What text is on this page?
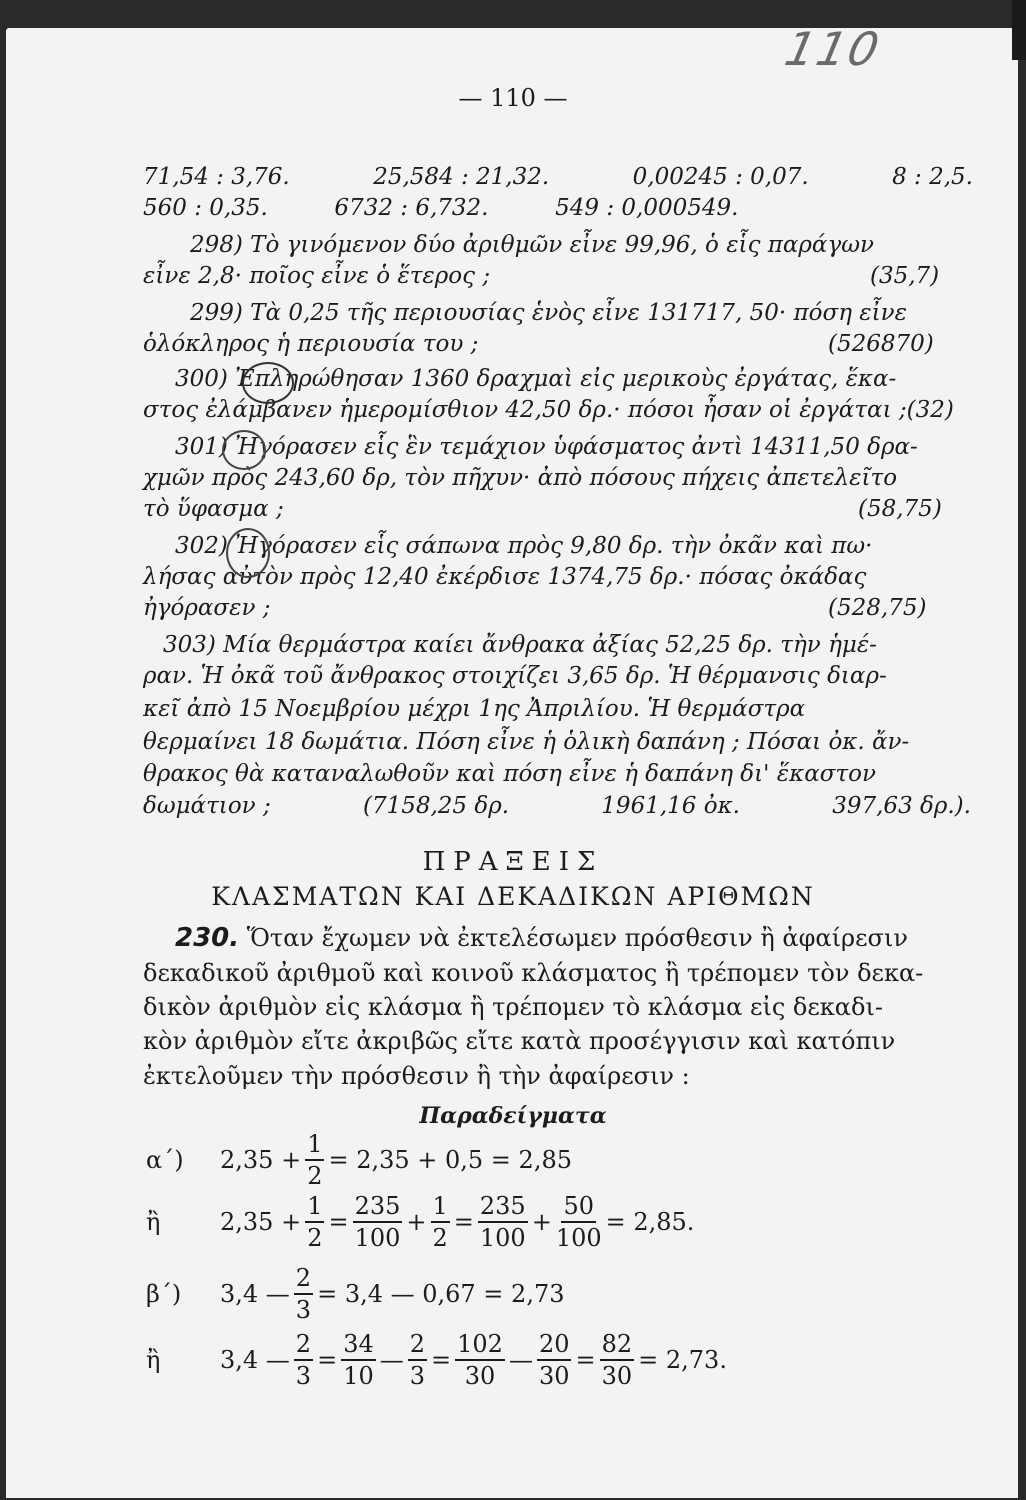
110
— 110 —
71,54 : 3,76.	25,584 : 21,32.	0,00245 : 0,07.	8 : 2,5.
560 : 0,35.	6732 : 6,732.	549 : 0,000549.
298) Τὸ γινόμενον δύο ἀριθμῶν εἶνε 99,96, ὁ εἷς παράγων
εἶνε 2,8· ποῖος εἶνε ὁ ἕτερος ;	(35,7)
299) Τὰ 0,25 τῆς περιουσίας ἑνὸς εἶνε 131717, 50· πόση εἶνε
ὁλόκληρος ἡ περιουσία του ;	(526870)
300) Ἐπληρώθησαν 1360 δραχμαὶ εἰς μερικοὺς ἐργάτας, ἕκα-
στος ἐλάμβανεν ἡμερομίσθιον 42,50 δρ.· πόσοι ἦσαν οἱ ἐργάται ;(32)
301) Ἠγόρασεν εἷς ἓν τεμάχιον ὑφάσματος ἀντὶ 14311,50 δρα-
χμῶν πρὸς 243,60 δρ, τὸν πῆχυν· ἀπὸ πόσους πήχεις ἀπετελεῖτο
τὸ ὕφασμα ;	(58,75)
302) Ἠγόρασεν εἷς σάπωνα πρὸς 9,80 δρ. τὴν ὀκᾶν καὶ πω·
λήσας αὐτὸν πρὸς 12,40 ἐκέρδισε 1374,75 δρ.· πόσας ὀκάδας
ἠγόρασεν ;	(528,75)
303) Μία θερμάστρα καίει ἄνθρακα ἀξίας 52,25 δρ. τὴν ἡμέ-
ραν. Ἡ ὀκᾶ τοῦ ἄνθρακος στοιχίζει 3,65 δρ. Ἡ θέρμανσις διαρ-
κεῖ ἀπὸ 15 Νοεμβρίου μέχρι 1ης Ἀπριλίου. Ἡ θερμάστρα
θερμαίνει 18 δωμάτια. Πόση εἶνε ἡ ὁλικὴ δαπάνη ; Πόσαι ὀκ. ἄν-
θρακος θὰ καταναλωθοῦν καὶ πόση εἶνε ἡ δαπάνη δι' ἕκαστον
δωμάτιον ;	(7158,25 δρ.	1961,16 ὀκ.	397,63 δρ.).
ΠΡΑΞΕΙΣ
ΚΛΑΣΜΑΤΩΝ ΚΑΙ ΔΕΚΑΔΙΚΩΝ ΑΡΙΘΜΩΝ
230. Ὅταν ἔχωμεν νὰ ἐκτελέσωμεν πρόσθεσιν ἢ ἀφαίρεσιν
δεκαδικοῦ ἀριθμοῦ καὶ κοινοῦ κλάσματος ἢ τρέπομεν τὸν δεκα-
δικὸν ἀριθμὸν εἰς κλάσμα ἢ τρέπομεν τὸ κλάσμα εἰς δεκαδι-
κὸν ἀριθμὸν εἴτε ἀκριβῶς εἴτε κατὰ προσέγγισιν καὶ κατόπιν
ἐκτελοῦμεν τὴν πρόσθεσιν ἢ τὴν ἀφαίρεσιν :
Παραδείγματα
α΄)	$2,35 + \frac{1}{2} = 2,35 + 0,5 = 2,85$
ἢ	$2,35 + \frac{1}{2} = \frac{235}{100} + \frac{1}{2} = \frac{235}{100} + \frac{50}{100} = 2,85$.
β΄)	3,4 — $\frac{2}{3} = 3,4$ — 0,67 = 2,73
ἢ	3,4 — $\frac{2}{3} = \frac{34}{10}$ — $\frac{2}{3} = \frac{102}{30}$ — $\frac{20}{30} = \frac{82}{30} = 2,73$.
